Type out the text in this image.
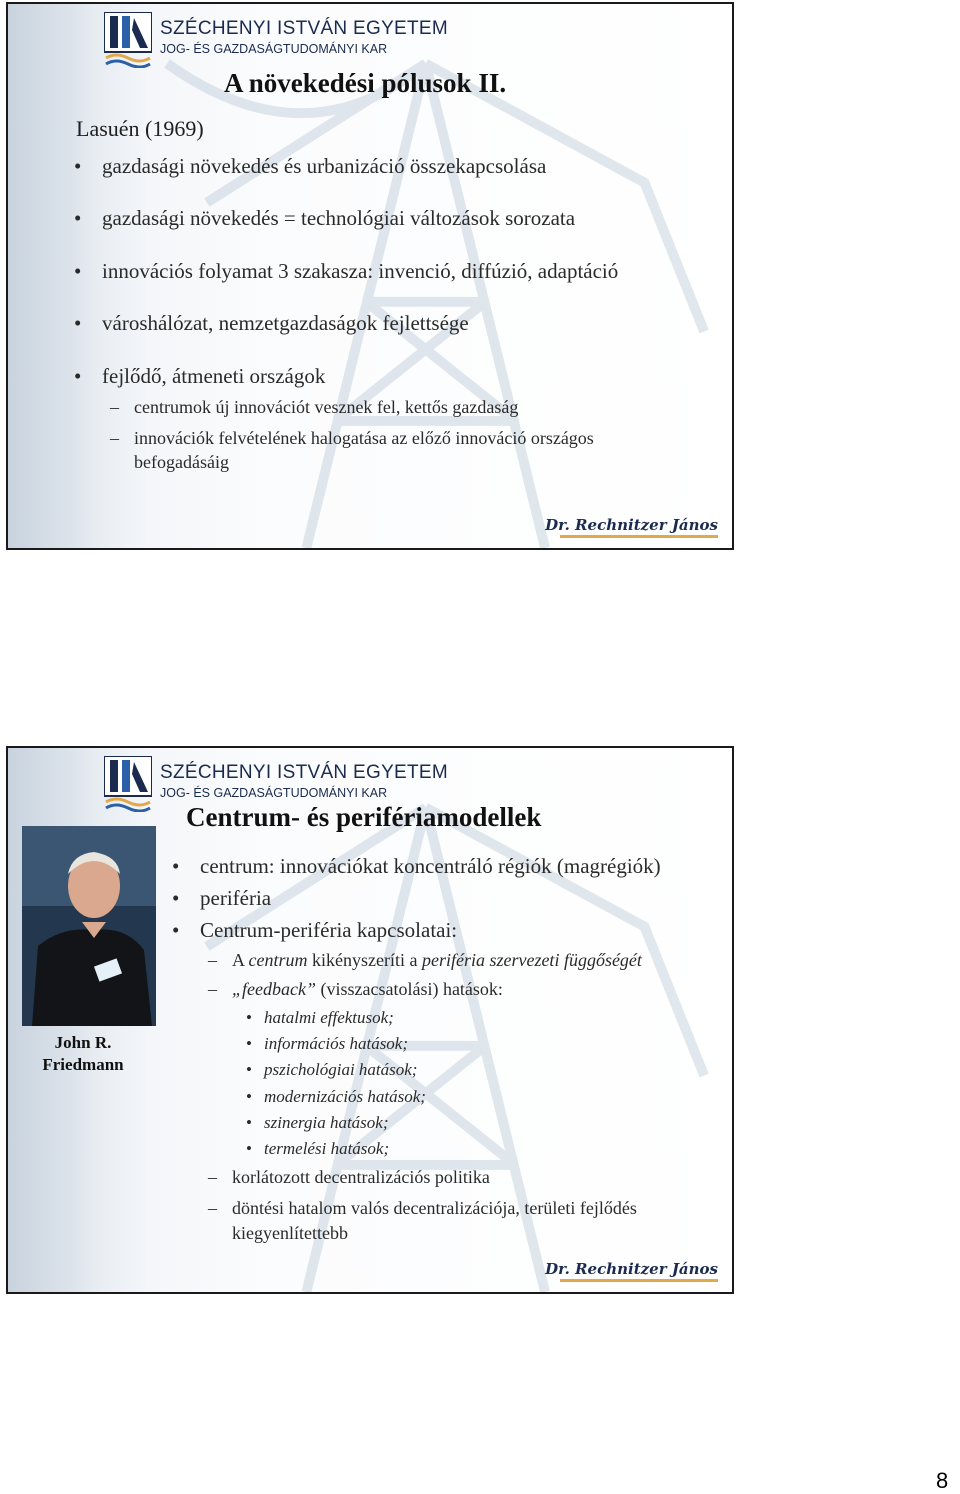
SZÉCHENYI ISTVÁN EGYETEM
JOG- ÉS GAZDASÁGTUDOMÁNYI KAR
A növekedési pólusok II.
Lasuén (1969)
• gazdasági növekedés és urbanizáció összekapcsolása
• gazdasági növekedés = technológiai változások sorozata
• innovációs folyamat 3 szakasza: invenció, diffúzió, adaptáció
• városhálózat, nemzetgazdaságok fejlettsége
• fejlődő, átmeneti országok
– centrumok új innovációt vesznek fel, kettős gazdaság
– innovációk felvételének halogatása az előző innováció országos befogadásáig
Dr. Rechnitzer János
SZÉCHENYI ISTVÁN EGYETEM
JOG- ÉS GAZDASÁGTUDOMÁNYI KAR
John R. Friedmann
Centrum- és perifériamodellek
• centrum: innovációkat koncentráló régiók (magrégiók)
• periféria
• Centrum-periféria kapcsolatai:
– A centrum kikényszeríti a periféria szervezeti függőségét
– „feedback” (visszacsatolási) hatások:
• hatalmi effektusok;
• információs hatások;
• pszichológiai hatások;
• modernizációs hatások;
• szinergia hatások;
• termelési hatások;
– korlátozott decentralizációs politika
– döntési hatalom valós decentralizációja, területi fejlődés kiegyenlítettebb
Dr. Rechnitzer János
8
